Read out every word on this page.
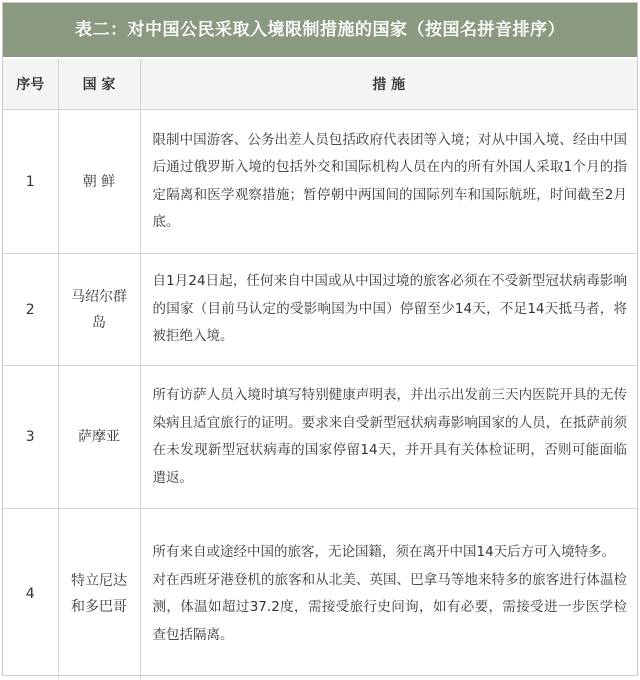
表二：对中国公民采取入境限制措施的国家（按国名拼音排序）
序号	国 家	措 施
1	朝 鲜	限制中国游客、公务出差人员包括政府代表团等入境；对从中国入境、经由中国后通过俄罗斯入境的包括外交和国际机构人员在内的所有外国人采取1个月的指定隔离和医学观察措施；暂停朝中两国间的国际列车和国际航班，时间截至2月底。

2	马绍尔群岛	自1月24日起，任何来自中国或从中国过境的旅客必须在不受新型冠状病毒影响的国家（目前马认定的受影响国为中国）停留至少14天，不足14天抵马者，将被拒绝入境。

3	萨摩亚	所有访萨人员入境时填写特别健康声明表，并出示出发前三天内医院开具的无传染病且适宜旅行的证明。要求来自受新型冠状病毒影响国家的人员，在抵萨前须在未发现新型冠状病毒的国家停留14天，并开具有关体检证明，否则可能面临遣返。

4	特立尼达和多巴哥	所有来自或途经中国的旅客，无论国籍，须在离开中国14天后方可入境特多。

对在西班牙港登机的旅客和从北美、英国、巴拿马等地来特多的旅客进行体温检测，体温如超过37.2度，需接受旅行史问询，如有必要，需接受进一步医学检查包括隔离。
